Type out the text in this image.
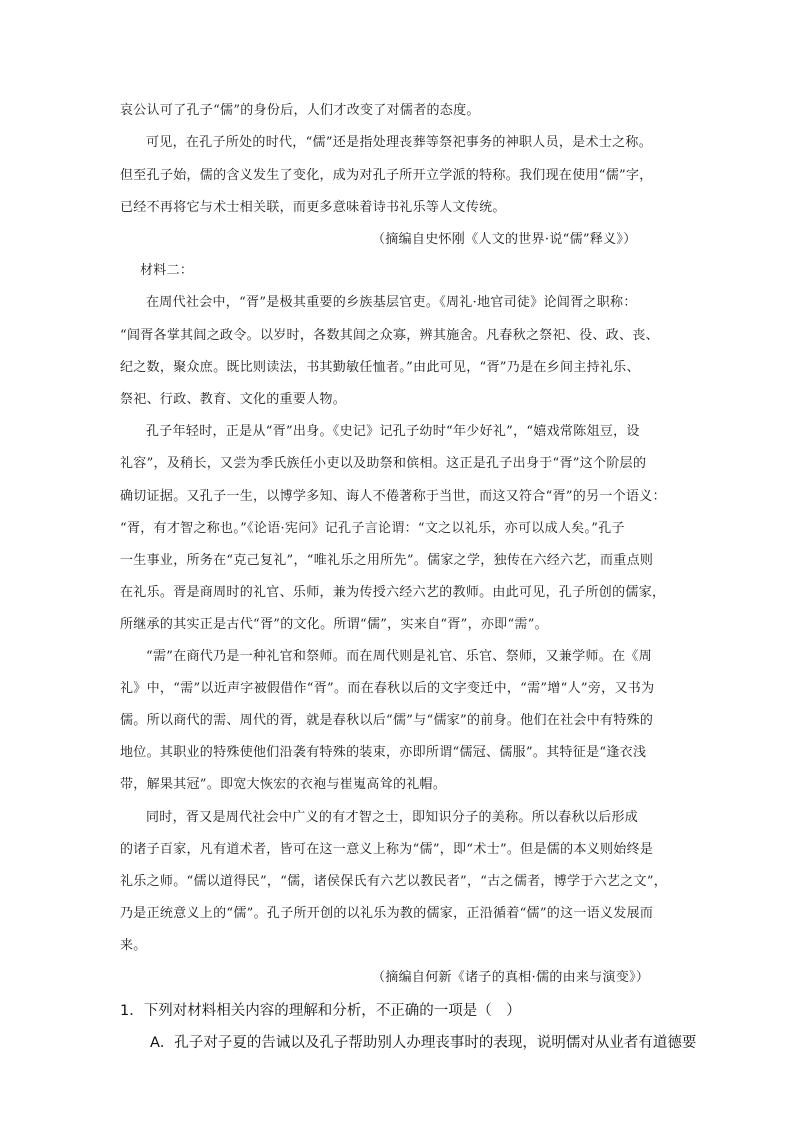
哀公认可了孔子“儒”的身份后，人们才改变了对儒者的态度。
可见，在孔子所处的时代，“儒”还是指处理丧葬等祭祀事务的神职人员，是术士之称。
但至孔子始，儒的含义发生了变化，成为对孔子所开立学派的特称。我们现在使用“儒”字，
已经不再将它与术士相关联，而更多意味着诗书礼乐等人文传统。
（摘编自史怀刚《人文的世界·说“儒”释义》）
材料二：
在周代社会中，“胥”是极其重要的乡族基层官吏。《周礼·地官司徒》论闾胥之职称：
“闾胥各掌其闾之政令。以岁时，各数其闾之众寡，辨其施舍。凡春秋之祭祀、役、政、丧、
纪之数，聚众庶。既比则读法，书其勤敏任恤者。”由此可见，“胥”乃是在乡间主持礼乐、
祭祀、行政、教育、文化的重要人物。
孔子年轻时，正是从“胥”出身。《史记》记孔子幼时“年少好礼”，“嬉戏常陈俎豆，设
礼容”，及稍长，又尝为季氏族任小吏以及助祭和傧相。这正是孔子出身于“胥”这个阶层的
确切证据。又孔子一生，以博学多知、诲人不倦著称于当世，而这又符合“胥”的另一个语义：
“胥，有才智之称也。”《论语·宪问》记孔子言论谓：“文之以礼乐，亦可以成人矣。”孔子
一生事业，所务在“克己复礼”，“唯礼乐之用所先”。儒家之学，独传在六经六艺，而重点则
在礼乐。胥是商周时的礼官、乐师，兼为传授六经六艺的教师。由此可见，孔子所创的儒家，
所继承的其实正是古代“胥”的文化。所谓“儒”，实来自“胥”，亦即“需”。
“需”在商代乃是一种礼官和祭师。而在周代则是礼官、乐官、祭师，又兼学师。在《周
礼》中，“需”以近声字被假借作“胥”。而在春秋以后的文字变迁中，“需”增“人”旁，又书为
儒。所以商代的需、周代的胥，就是春秋以后“儒”与“儒家”的前身。他们在社会中有特殊的
地位。其职业的特殊使他们沿袭有特殊的装束，亦即所谓“儒冠、儒服”。其特征是“逢衣浅
带，解果其冠”。即宽大恢宏的衣袍与崔嵬高耸的礼帽。
同时，胥又是周代社会中广义的有才智之士，即知识分子的美称。所以春秋以后形成
的诸子百家，凡有道术者，皆可在这一意义上称为“儒”，即“术士”。但是儒的本义则始终是
礼乐之师。“儒以道得民”，“儒，诸侯保氏有六艺以教民者”，“古之儒者，博学于六艺之文”，
乃是正统意义上的“儒”。孔子所开创的以礼乐为教的儒家，正沿循着“儒”的这一语义发展而
来。
（摘编自何新《诸子的真相·儒的由来与演变》）
1．下列对材料相关内容的理解和分析，不正确的一项是（　）
A．孔子对子夏的告诫以及孔子帮助别人办理丧事时的表现，说明儒对从业者有道德要
